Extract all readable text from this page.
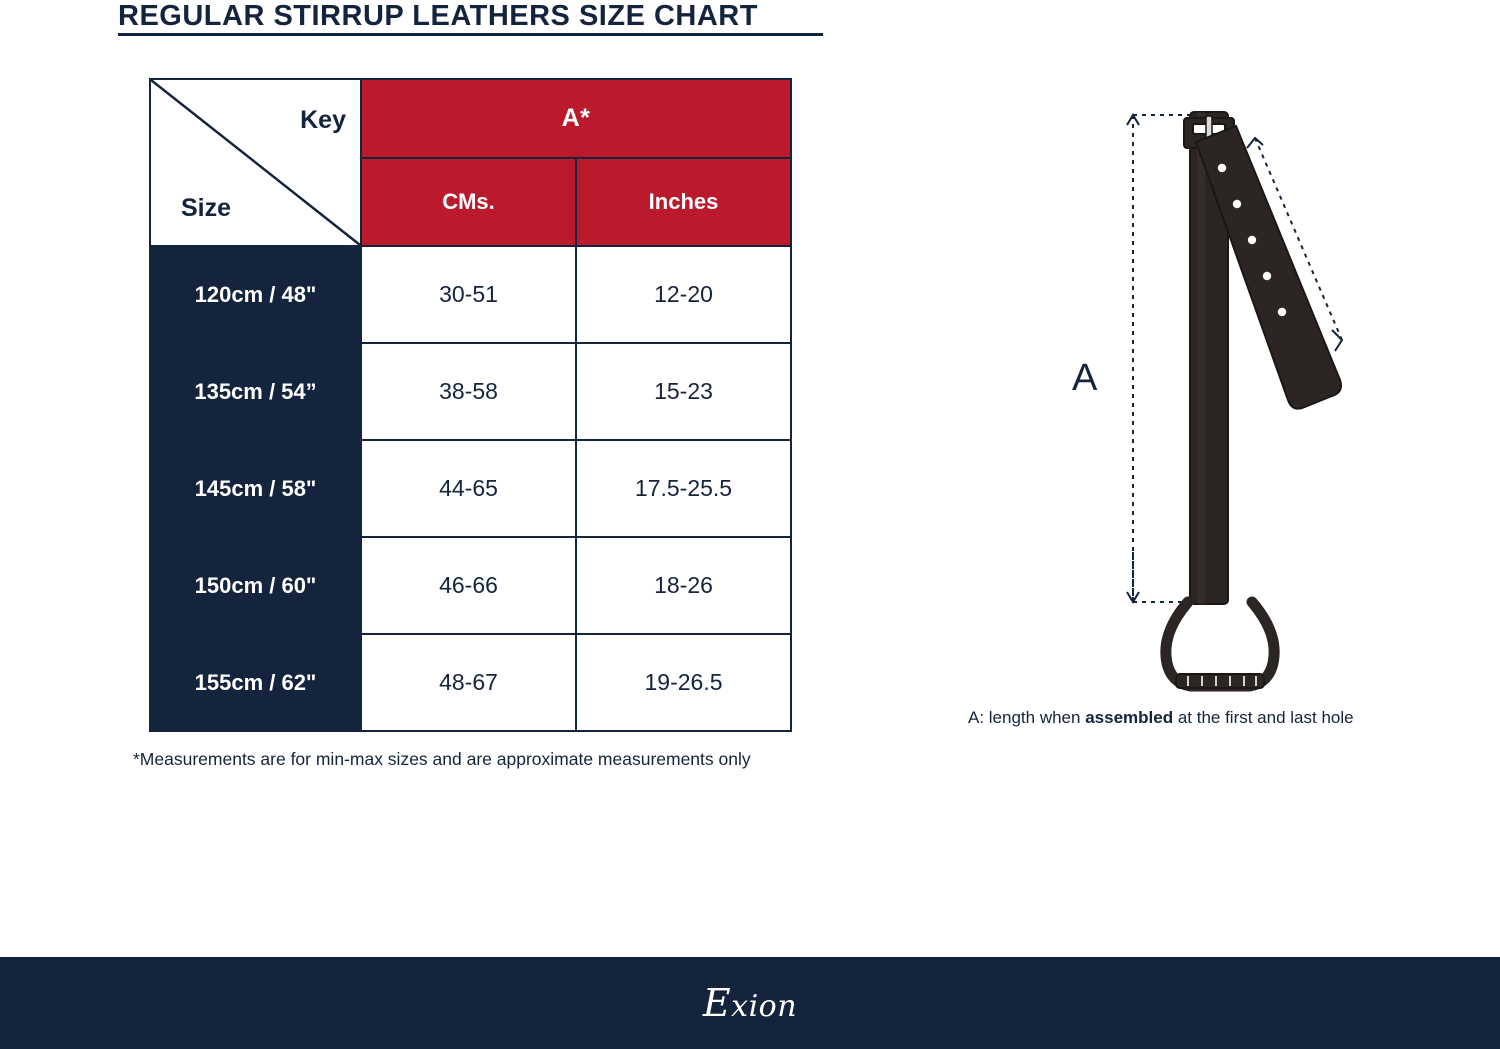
REGULAR STIRRUP LEATHERS SIZE CHART
Key
Size	A*	
	CMs.	Inches
120cm / 48"	30-51	12-20
135cm / 54”	38-58	15-23
145cm / 58"	44-65	17.5-25.5
150cm / 60"	46-66	18-26
155cm / 62"	48-67	19-26.5
*Measurements are for min-max sizes and are approximate measurements only
A
A: length when assembled at the first and last hole
Exion
